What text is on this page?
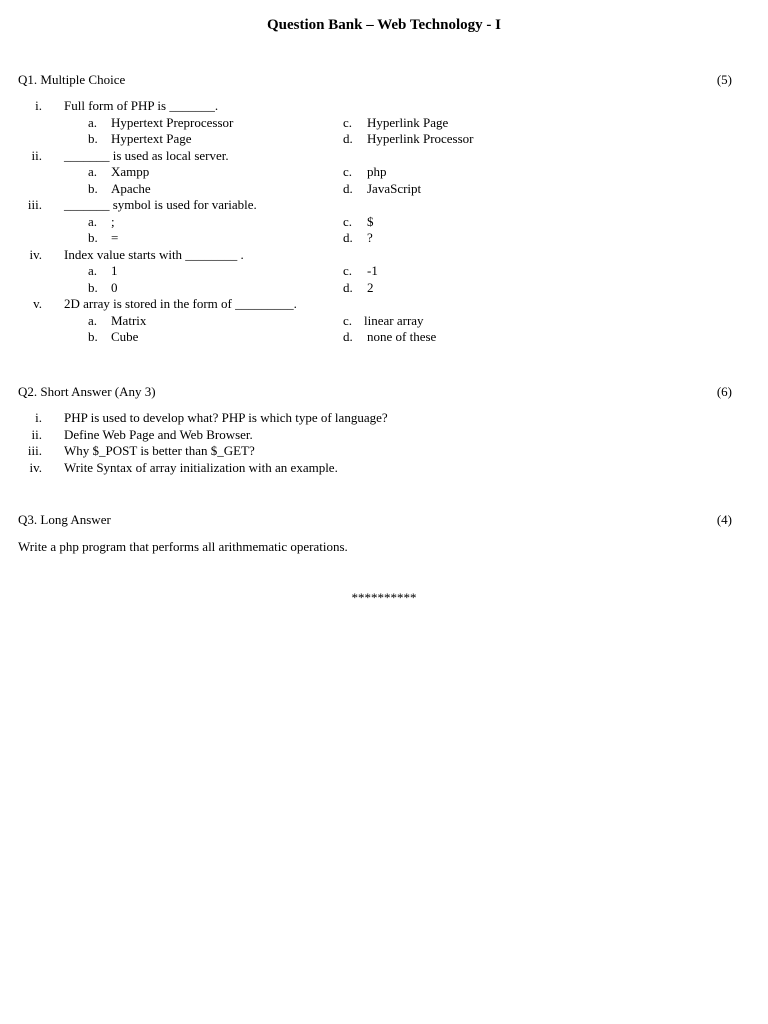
Question Bank – Web Technology - I
Q1. Multiple Choice	(5)
i. Full form of PHP is _______.
a. Hypertext Preprocessor	c. Hyperlink Page
b. Hypertext Page	d. Hyperlink Processor
ii. _______ is used as local server.
a. Xampp	c. php
b. Apache	d. JavaScript
iii. _______ symbol is used for variable.
a. ;	c. $
b. =	d. ?
iv. Index value starts with ________ .
a. 1	c. -1
b. 0	d. 2
v. 2D array is stored in the form of _________.
a. Matrix	c. linear array
b. Cube	d. none of these
Q2. Short Answer (Any 3)	(6)
i. PHP is used to develop what? PHP is which type of language?
ii. Define Web Page and Web Browser.
iii. Why $_POST is better than $_GET?
iv. Write Syntax of array initialization with an example.
Q3. Long Answer	(4)
Write a php program that performs all arithmematic operations.
**********
